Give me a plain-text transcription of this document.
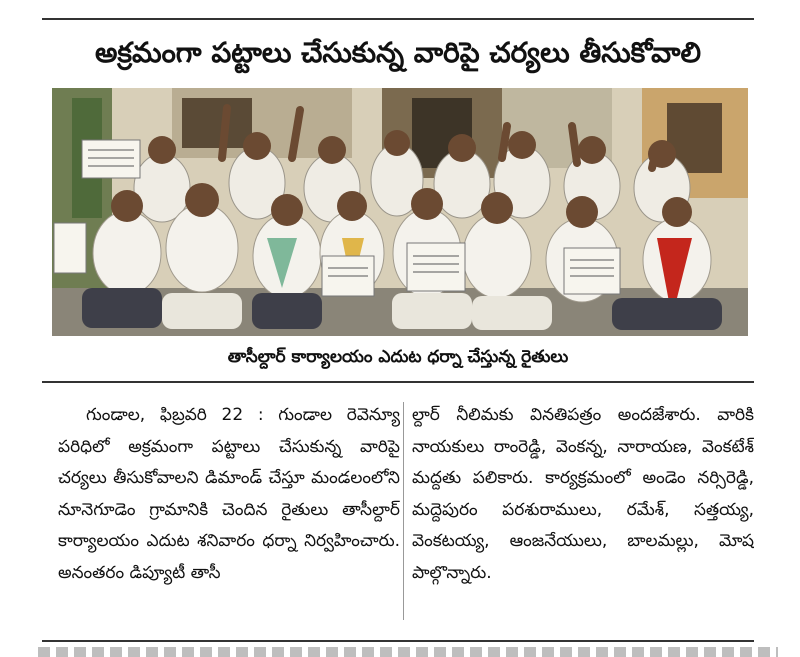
అక్రమంగా పట్టాలు చేసుకున్న వారిపై చర్యలు తీసుకోవాలి
తాసీల్దార్ కార్యాలయం ఎదుట ధర్నా చేస్తున్న రైతులు
గుండాల, ఫిబ్రవరి 22 : గుండాల రెవెన్యూ పరిధిలో అక్రమంగా పట్టాలు చేసుకున్న వారిపై చర్యలు తీసుకోవాలని డిమాండ్ చేస్తూ మండలంలోని నూనెగూడెం గ్రామానికి చెందిన రైతులు తాసీల్దార్ కార్యాలయం ఎదుట శనివారం ధర్నా నిర్వహించారు. అనంతరం డిప్యూటీ తాసీ
ల్దార్ నీలిమకు వినతిపత్రం అందజేశారు. వారికి నాయకులు రాంరెడ్డి, వెంకన్న, నారాయణ, వెంకటేశ్ మద్దతు పలికారు. కార్యక్రమంలో అండెం నర్సిరెడ్డి, మద్దెపురం పరశురాములు, రమేశ్, సత్తయ్య, వెంకటయ్య, ఆంజనేయులు, బాలమల్లు, మోష పాల్గొన్నారు.
